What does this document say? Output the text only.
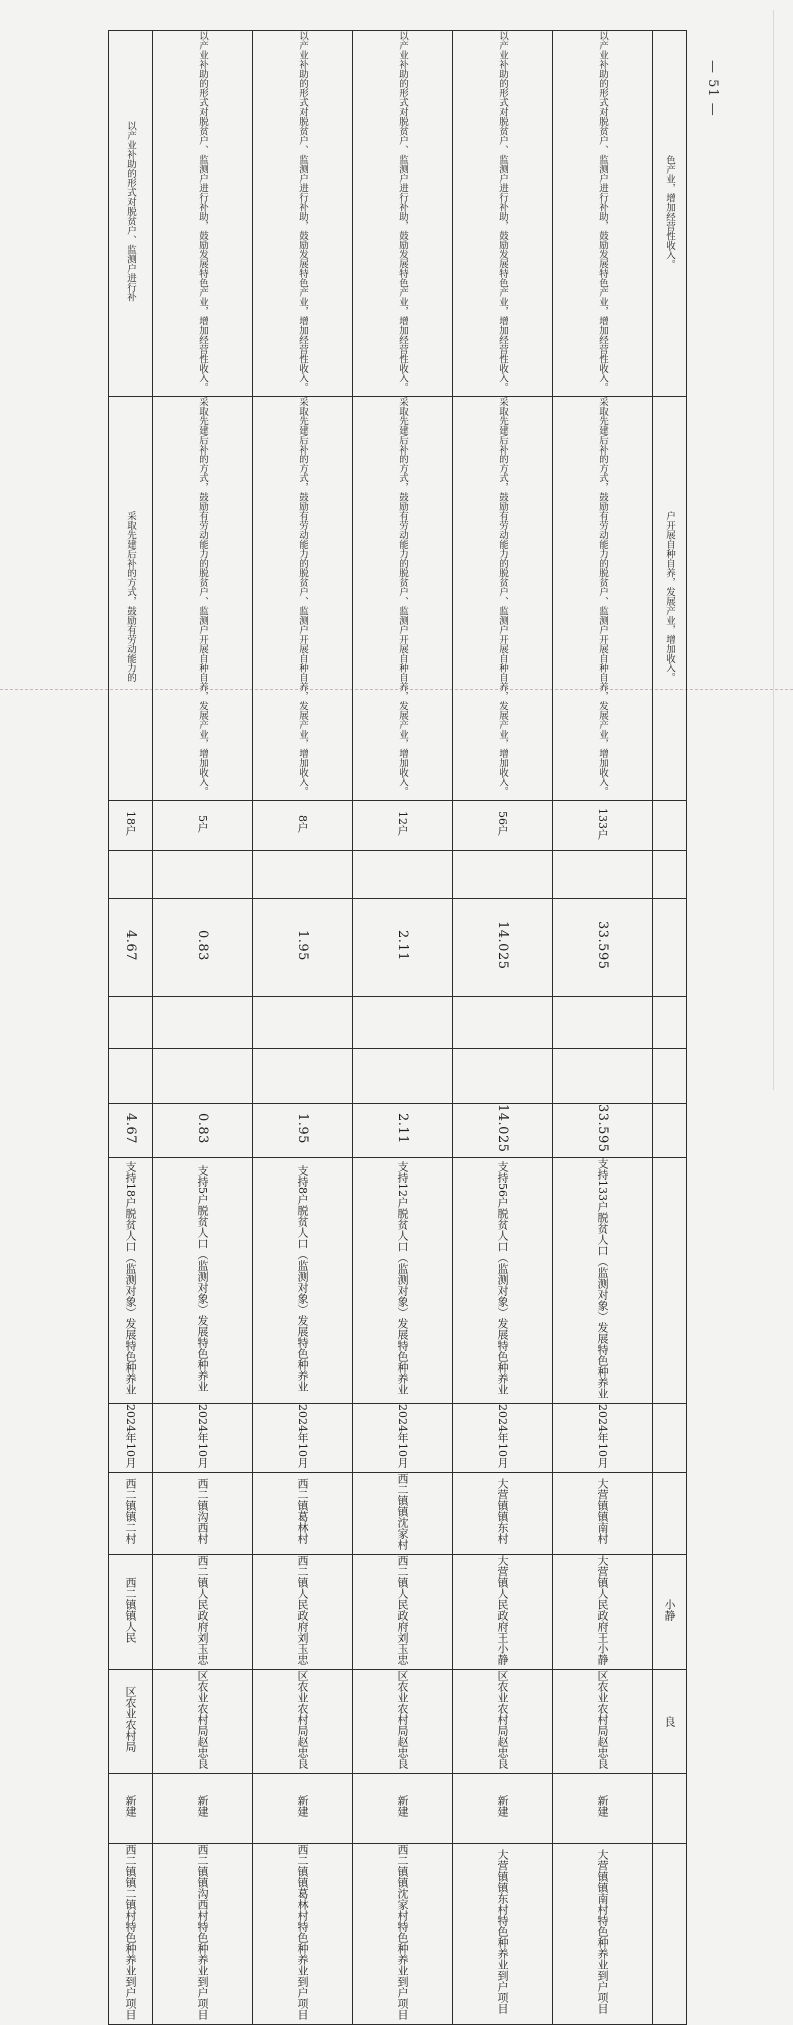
— 51 —
以产业补助的形式对脱贫户、监测户进行补	以产业补助的形式对脱贫户、监测户进行补助，鼓励发展特色产业，增加经营性收入。	以产业补助的形式对脱贫户、监测户进行补助，鼓励发展特色产业，增加经营性收入。	以产业补助的形式对脱贫户、监测户进行补助，鼓励发展特色产业，增加经营性收入。	以产业补助的形式对脱贫户、监测户进行补助，鼓励发展特色产业，增加经营性收入。	以产业补助的形式对脱贫户、监测户进行补助，鼓励发展特色产业，增加经营性收入。	色产业，增加经营性收入。
采取先建后补的方式，鼓励有劳动能力的	采取先建后补的方式，鼓励有劳动能力的脱贫户、监测户开展自种自养，发展产业，增加收入。	采取先建后补的方式，鼓励有劳动能力的脱贫户、监测户开展自种自养，发展产业，增加收入。	采取先建后补的方式，鼓励有劳动能力的脱贫户、监测户开展自种自养，发展产业，增加收入。	采取先建后补的方式，鼓励有劳动能力的脱贫户、监测户开展自种自养，发展产业，增加收入。	采取先建后补的方式，鼓励有劳动能力的脱贫户、监测户开展自种自养，发展产业，增加收入。	户开展自种自养，发展产业，增加收入。
18户	5户	8户	12户	56户	133户	

4.67	0.83	1.95	2.11	14.025	33.595	

4.67	0.83	1.95	2.11	14.025	33.595	
支持18户脱贫人口（监测对象）发展特色种养业	支持5户脱贫人口（监测对象）发展特色种养业	支持8户脱贫人口（监测对象）发展特色种养业	支持12户脱贫人口（监测对象）发展特色种养业	支持56户脱贫人口（监测对象）发展特色种养业	支持133户脱贫人口（监测对象）发展特色种养业	
2024年10月	2024年10月	2024年10月	2024年10月	2024年10月	2024年10月	
西二镇镇二村	西二镇沟西村	西二镇葛林村	西二镇镇沈家村	大营镇镇东村	大营镇镇南村	
西二镇镇人民	西二镇人民政府刘玉忠	西二镇人民政府刘玉忠	西二镇人民政府刘玉忠	大营镇人民政府王小静	大营镇人民政府王小静	小静
区农业农村局	区农业农村局赵忠良	区农业农村局赵忠良	区农业农村局赵忠良	区农业农村局赵忠良	区农业农村局赵忠良	良
新建	新建	新建	新建	新建	新建	
西二镇镇二镇村特色种养业到户项目	西二镇镇沟西村特色种养业到户项目	西二镇镇葛林村特色种养业到户项目	西二镇镇沈家村特色种养业到户项目	大营镇镇东村特色种养业到户项目	大营镇镇南村特色种养业到户项目	
